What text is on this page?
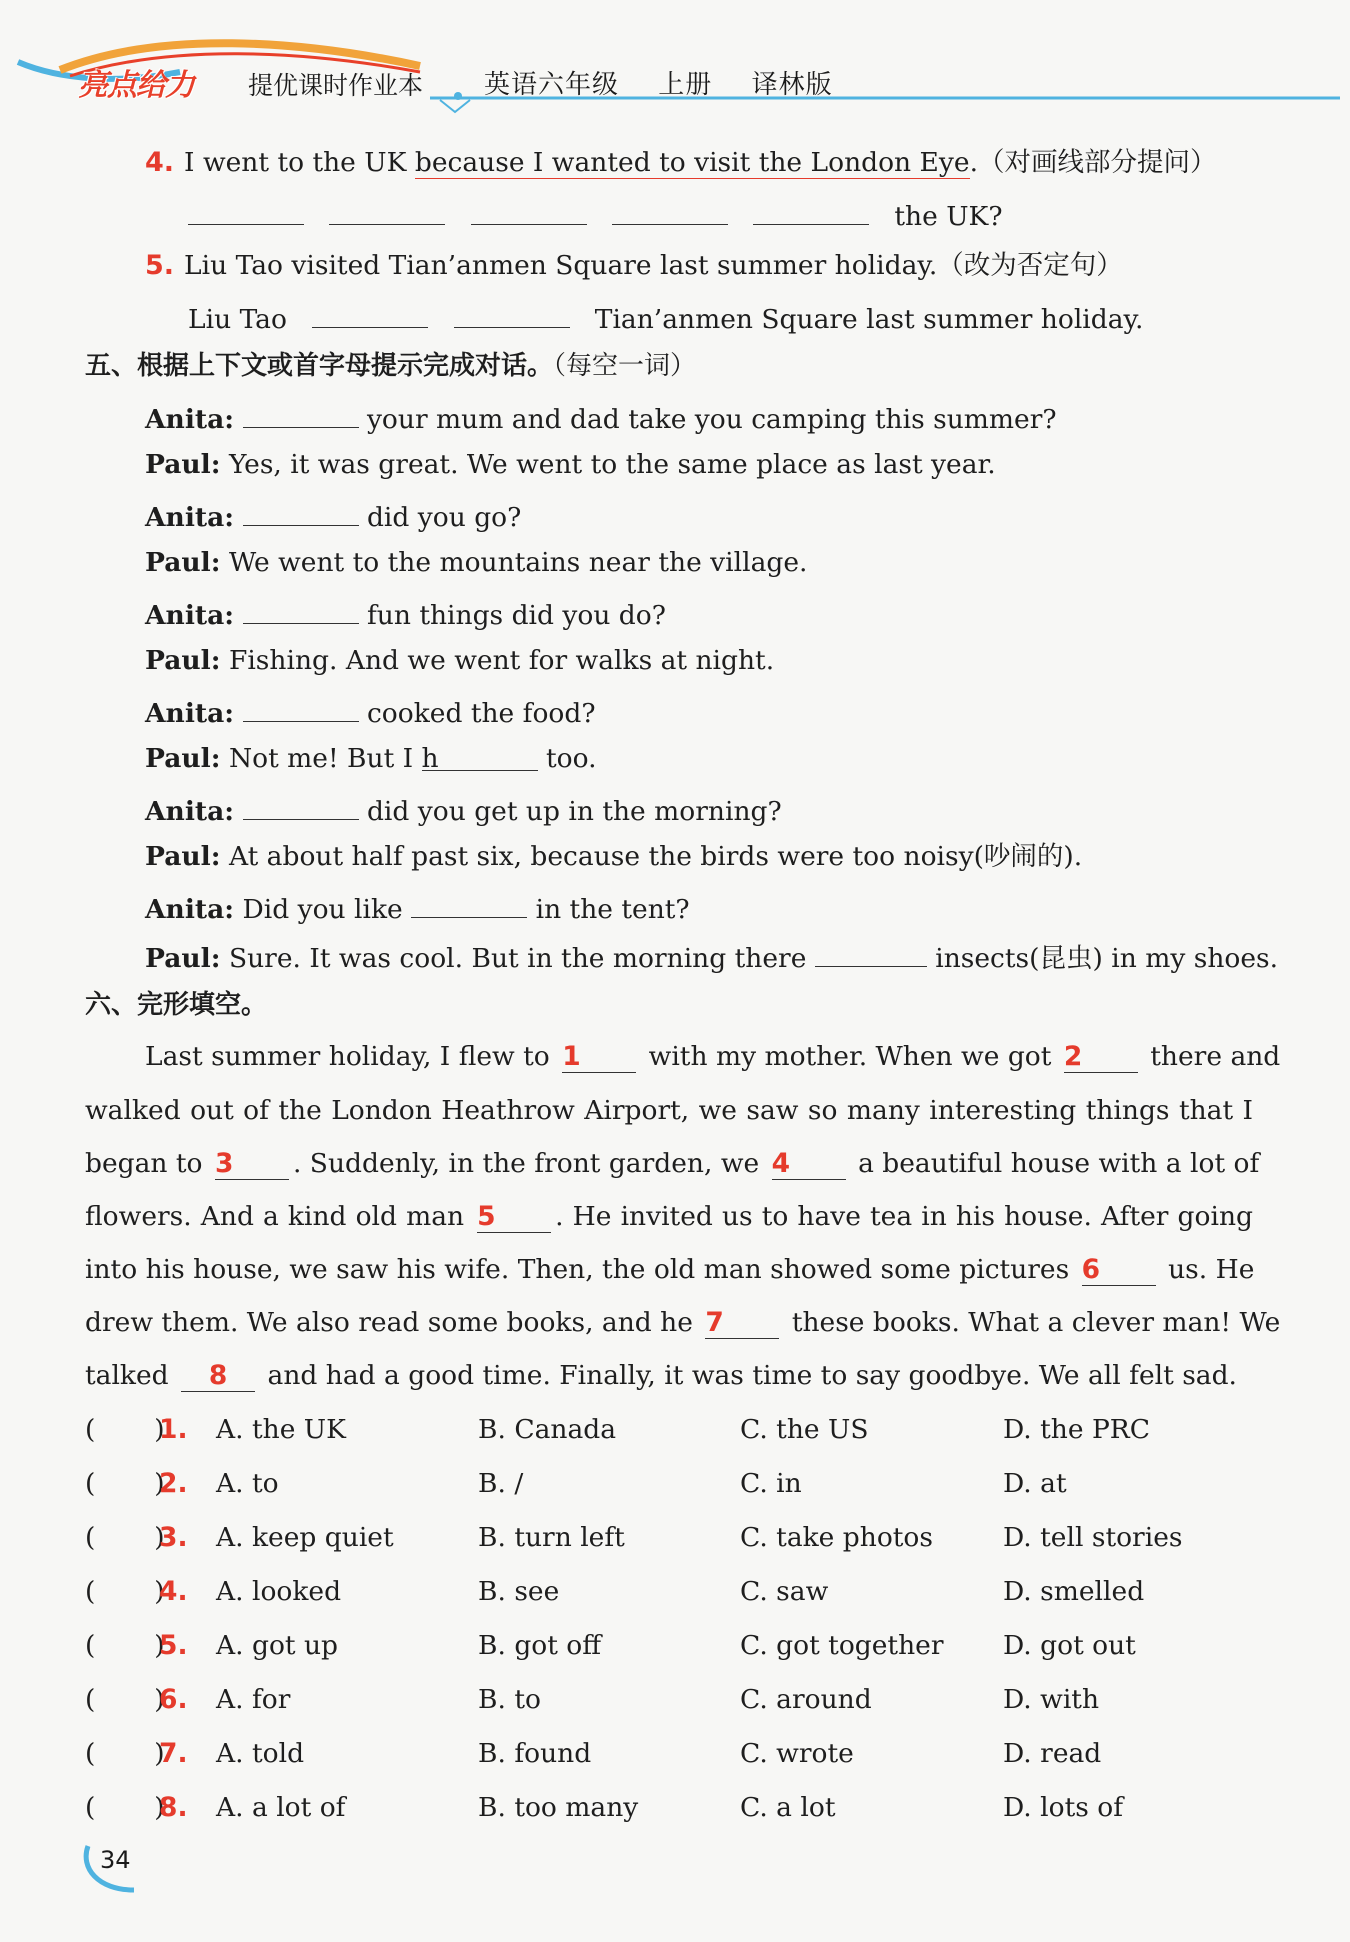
亮点给力 提优课时作业本 英语六年级 上册 译林版
4. I went to the UK because I wanted to visit the London Eye.（对画线部分提问）
the UK?
5. Liu Tao visited Tian’anmen Square last summer holiday.（改为否定句）
Liu Tao	Tian’anmen Square last summer holiday.
五、根据上下文或首字母提示完成对话。（每空一词）
Anita:	your mum and dad take you camping this summer?
Paul: Yes, it was great. We went to the same place as last year.
Anita:	did you go?
Paul: We went to the mountains near the village.
Anita:	fun things did you do?
Paul: Fishing. And we went for walks at night.
Anita:	cooked the food?
Paul: Not me! But I h	too.
Anita:	did you get up in the morning?
Paul: At about half past six, because the birds were too noisy(吵闹的).
Anita: Did you like	in the tent?
Paul: Sure. It was cool. But in the morning there	insects(昆虫) in my shoes.
六、完形填空。
Last summer holiday, I flew to 1	with my mother. When we got 2	there and
walked out of the London Heathrow Airport, we saw so many interesting things that I
began to 3 . Suddenly, in the front garden, we 4	a beautiful house with a lot of
flowers. And a kind old man 5 . He invited us to have tea in his house. After going
into his house, we saw his wife. Then, the old man showed some pictures 6	us. He
drew them. We also read some books, and he 7	these books. What a clever man! We
talked 8 and had a good time. Finally, it was time to say goodbye. We all felt sad.
(       )
1. A. the UK	B. Canada	C. the US	D. the PRC
(       )
2. A. to	B. /	C. in	D. at
(       )
3. A. keep quiet	B. turn left	C. take photos	D. tell stories
(       )
4. A. looked	B. see	C. saw	D. smelled
(       )
5. A. got up	B. got off	C. got together D. got out
(       )
6. A. for	B. to	C. around	D. with
(       )
7. A. told	B. found	C. wrote	D. read
(       )
8. A. a lot of	B. too many	C. a lot	D. lots of
34
